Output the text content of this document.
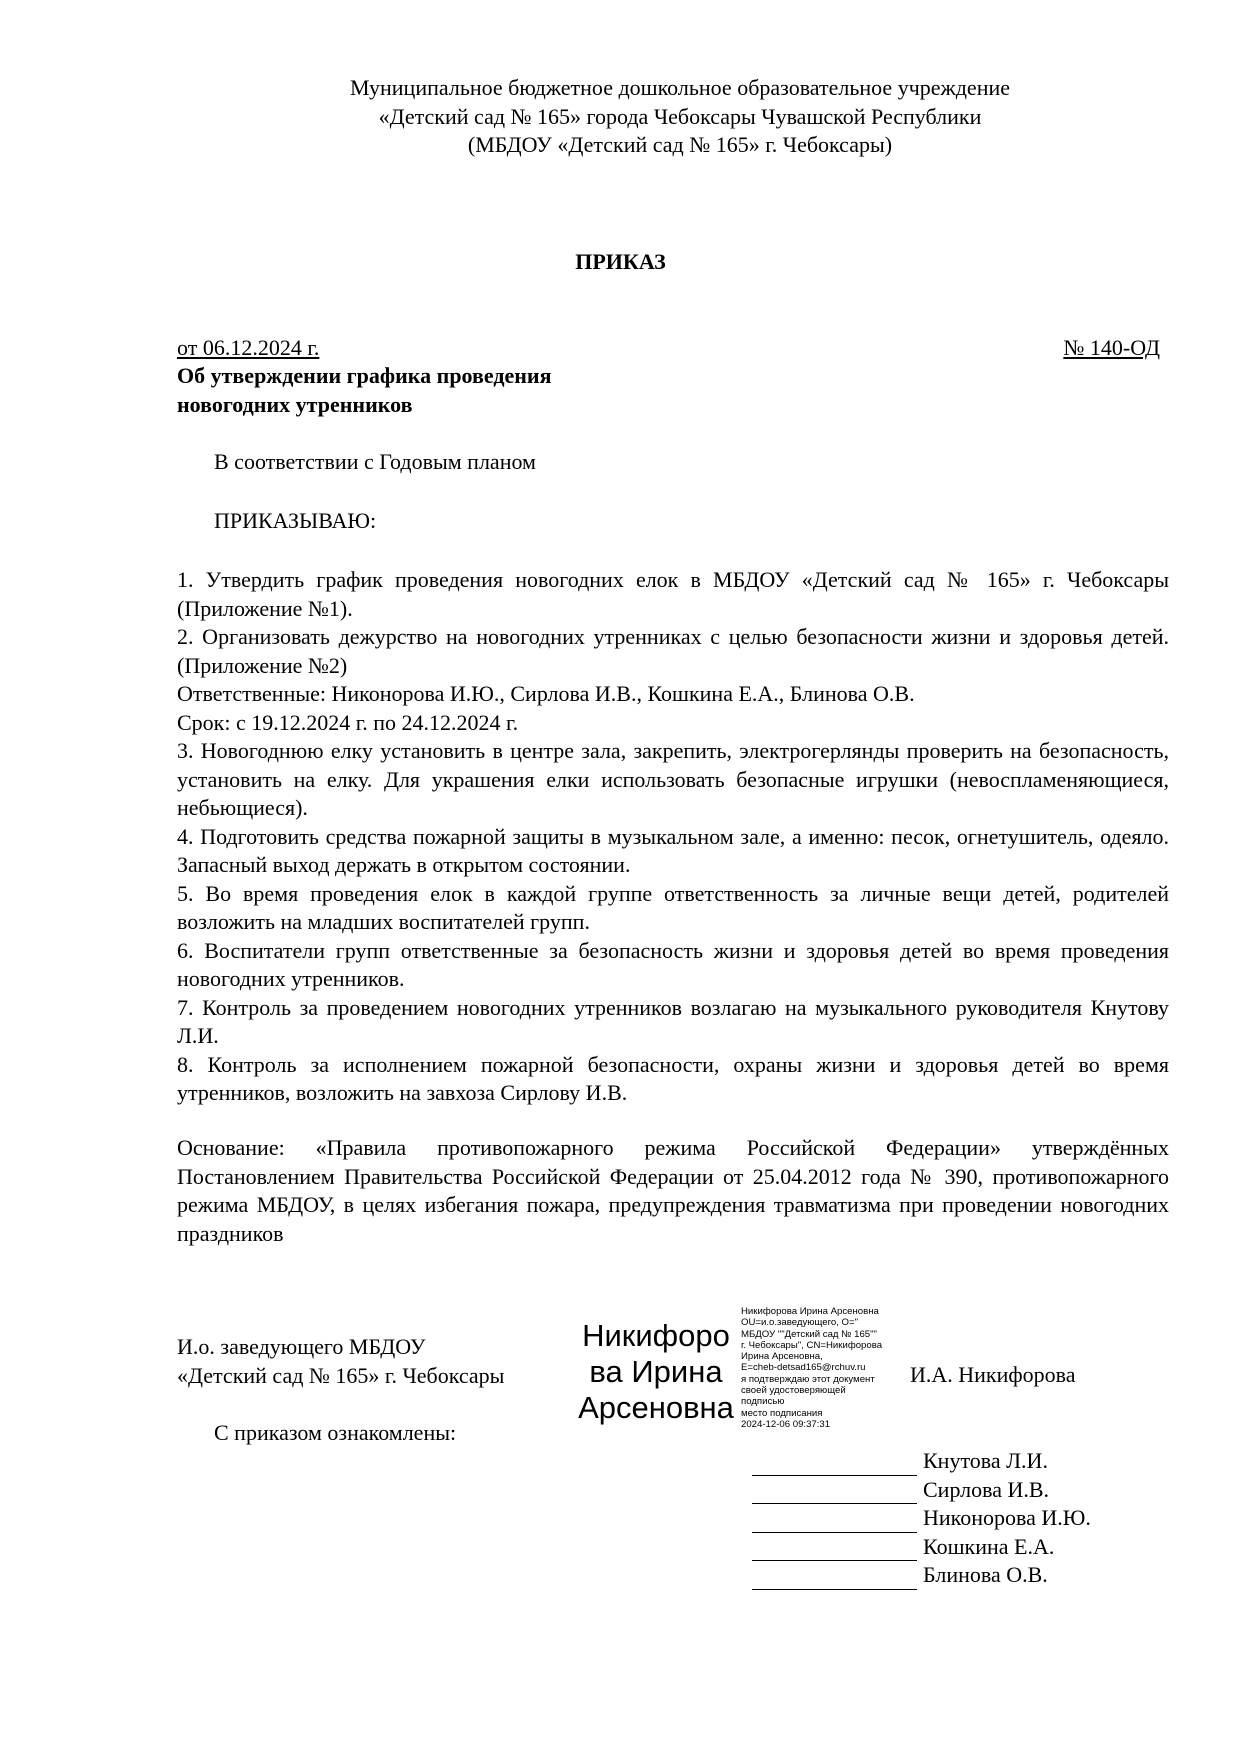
Муниципальное бюджетное дошкольное образовательное учреждение
«Детский сад № 165» города Чебоксары Чувашской Республики
(МБДОУ «Детский сад № 165» г. Чебоксары)
ПРИКАЗ
от 06.12.2024 г.	№ 140-ОД
Об утверждении графика проведения
новогодних утренников
В соответствии с Годовым планом
ПРИКАЗЫВАЮ:
1. Утвердить график проведения новогодних елок в МБДОУ «Детский сад № 165» г. Чебоксары (Приложение №1).
2. Организовать дежурство на новогодних утренниках с целью безопасности жизни и здоровья детей. (Приложение №2)
Ответственные: Никонорова И.Ю., Сирлова И.В., Кошкина Е.А., Блинова О.В.
Срок: с 19.12.2024 г. по 24.12.2024 г.
3. Новогоднюю елку установить в центре зала, закрепить, электрогерлянды проверить на безопасность, установить на елку. Для украшения елки использовать безопасные игрушки (невоспламеняющиеся, небьющиеся).
4. Подготовить средства пожарной защиты в музыкальном зале, а именно: песок, огнетушитель, одеяло. Запасный выход держать в открытом состоянии.
5. Во время проведения елок в каждой группе ответственность за личные вещи детей, родителей возложить на младших воспитателей групп.
6. Воспитатели групп ответственные за безопасность жизни и здоровья детей во время проведения новогодних утренников.
7. Контроль за проведением новогодних утренников возлагаю на музыкального руководителя Кнутову Л.И.
8. Контроль за исполнением пожарной безопасности, охраны жизни и здоровья детей во время утренников, возложить на завхоза Сирлову И.В.
Основание: «Правила противопожарного режима Российской Федерации» утверждённых Постановлением Правительства Российской Федерации от 25.04.2012 года № 390, противопожарного режима МБДОУ, в целях избегания пожара, предупреждения травматизма при проведении новогодних праздников
И.о. заведующего МБДОУ
«Детский сад № 165» г. Чебоксары
Никифоро
ва Ирина
Арсеновна
Никифорова Ирина Арсеновна
OU=и.о.заведующего, O="
МБДОУ ""Детский сад № 165""
г. Чебоксары", CN=Никифорова
Ирина Арсеновна,
E=cheb-detsad165@rchuv.ru
я подтверждаю этот документ
своей удостоверяющей
подписью
место подписания
2024-12-06 09:37:31
И.А. Никифорова
С приказом ознакомлены:
Кнутова Л.И.
Сирлова И.В.
Никонорова И.Ю.
Кошкина Е.А.
Блинова О.В.
